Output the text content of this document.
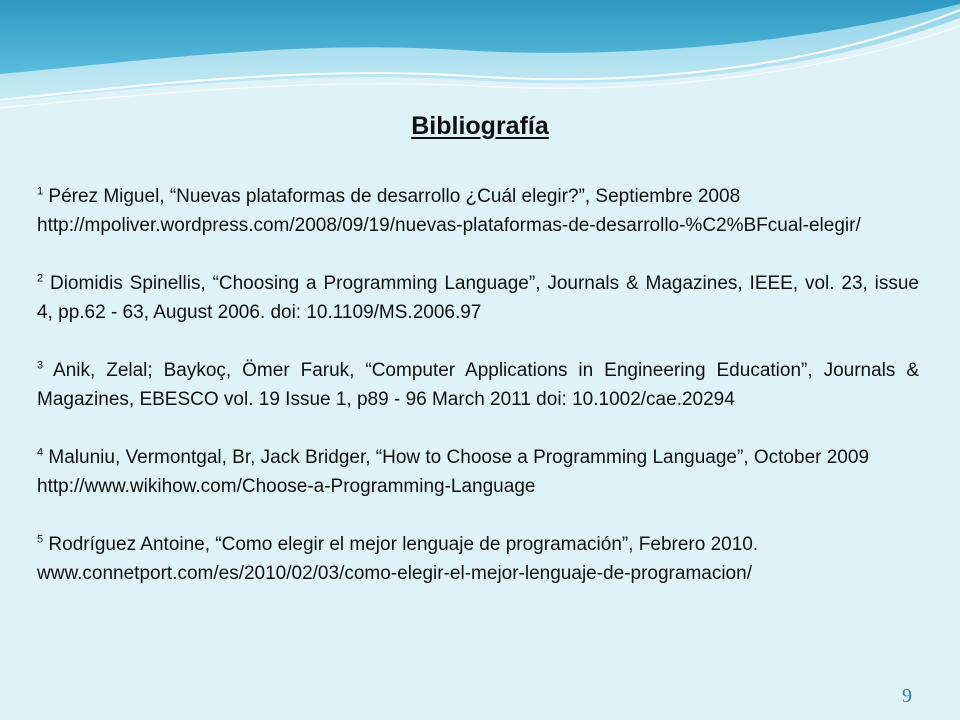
Bibliografía

$^1$ Pérez Miguel, “Nuevas plataformas de desarrollo ¿Cuál elegir?”, Septiembre 2008
http://mpoliver.wordpress.com/2008/09/19/nuevas-plataformas-de-desarrollo-%C2%BFcual-elegir/

$^2$ Diomidis Spinellis, “Choosing a Programming Language”, Journals & Magazines, IEEE, vol. 23, issue 4, pp.62 - 63, August 2006. doi: 10.1109/MS.2006.97

$^3$ Anik, Zelal; Baykoç, Ömer Faruk, “Computer Applications in Engineering Education”, Journals & Magazines, EBESCO vol. 19 Issue 1, p89 - 96 March 2011 doi: 10.1002/cae.20294

$^4$ Maluniu, Vermontgal, Br, Jack Bridger, “How to Choose a Programming Language”, October 2009
http://www.wikihow.com/Choose-a-Programming-Language

$^5$ Rodríguez Antoine, “Como elegir el mejor lenguaje de programación”, Febrero 2010.
www.connetport.com/es/2010/02/03/como-elegir-el-mejor-lenguaje-de-programacion/

9
